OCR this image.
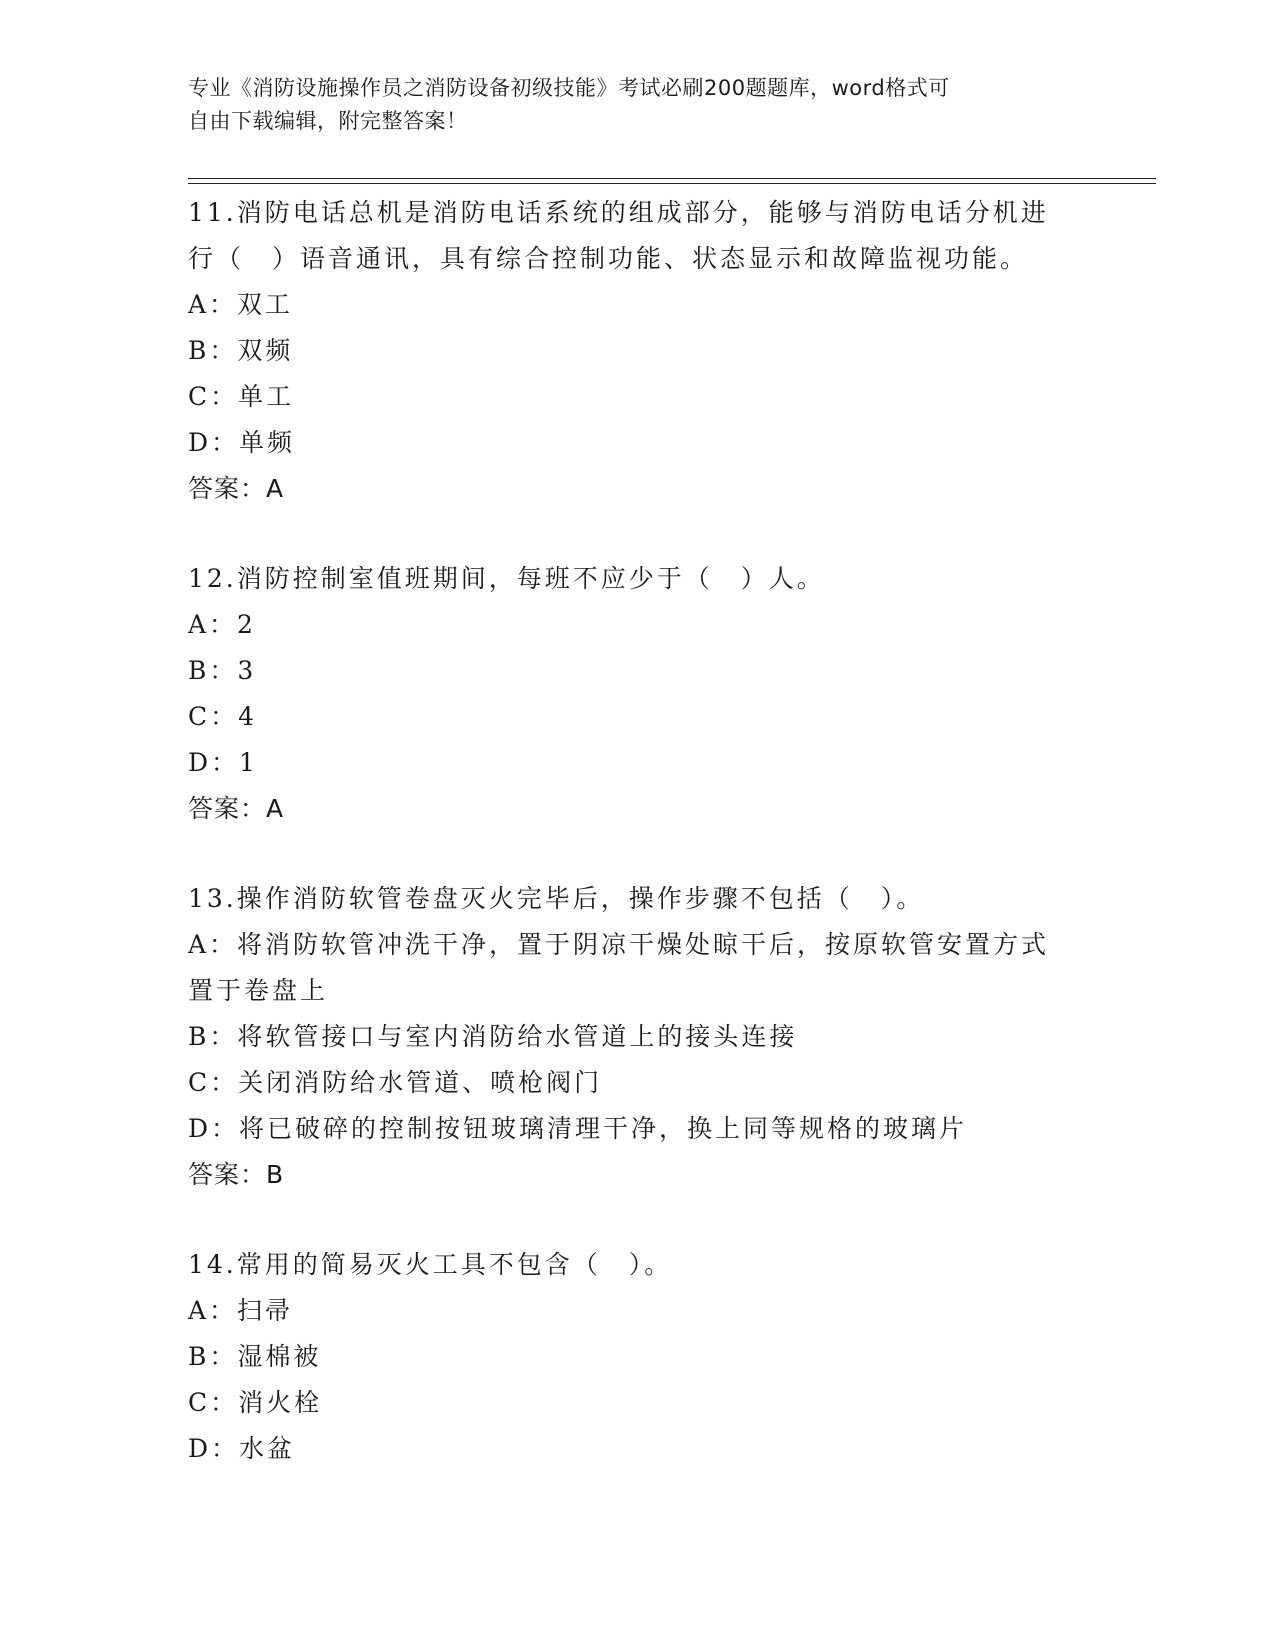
专业《消防设施操作员之消防设备初级技能》考试必刷200题题库，word格式可
自由下载编辑，附完整答案！

11.消防电话总机是消防电话系统的组成部分，能够与消防电话分机进

行（　）语音通讯，具有综合控制功能、状态显示和故障监视功能。

A：双工

B：双频

C：单工

D：单频

答案：A

12.消防控制室值班期间，每班不应少于（　）人。

A：2

B：3

C：4

D：1

答案：A

13.操作消防软管卷盘灭火完毕后，操作步骤不包括（　）。

A：将消防软管冲洗干净，置于阴凉干燥处晾干后，按原软管安置方式

置于卷盘上

B：将软管接口与室内消防给水管道上的接头连接

C：关闭消防给水管道、喷枪阀门

D：将已破碎的控制按钮玻璃清理干净，换上同等规格的玻璃片

答案：B

14.常用的简易灭火工具不包含（　）。

A：扫帚

B：湿棉被

C：消火栓

D：水盆
